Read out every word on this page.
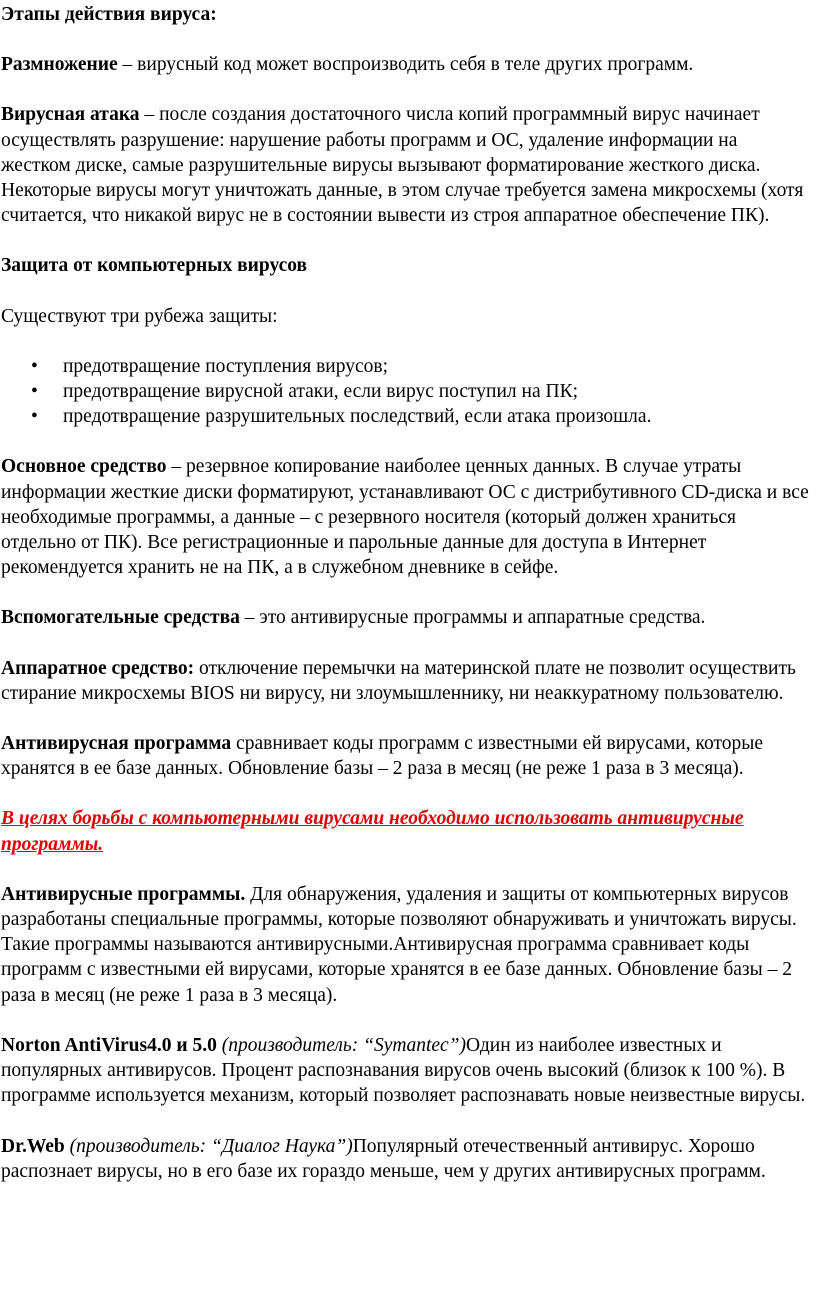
Этапы действия вируса:

Размножение – вирусный код может воспроизводить себя в теле других программ.

Вирусная атака – после создания достаточного числа копий программный вирус начинает осуществлять разрушение: нарушение работы программ и ОС, удаление информации на жестком диске, самые разрушительные вирусы вызывают форматирование жесткого диска. Некоторые вирусы могут уничтожать данные, в этом случае требуется замена микросхемы (хотя считается, что никакой вирус не в состоянии вывести из строя аппаратное обеспечение ПК).

Защита от компьютерных вирусов

Существуют три рубежа защиты:

• предотвращение поступления вирусов;
• предотвращение вирусной атаки, если вирус поступил на ПК;
• предотвращение разрушительных последствий, если атака произошла.

Основное средство – резервное копирование наиболее ценных данных. В случае утраты информации жесткие диски форматируют, устанавливают ОС с дистрибутивного CD-диска и все необходимые программы, а данные – с резервного носителя (который должен храниться отдельно от ПК). Все регистрационные и парольные данные для доступа в Интернет рекомендуется хранить не на ПК, а в служебном дневнике в сейфе.

Вспомогательные средства – это антивирусные программы и аппаратные средства.

Аппаратное средство: отключение перемычки на материнской плате не позволит осуществить стирание микросхемы BIOS ни вирусу, ни злоумышленнику, ни неаккуратному пользователю.

Антивирусная программа сравнивает коды программ с известными ей вирусами, которые хранятся в ее базе данных. Обновление базы – 2 раза в месяц (не реже 1 раза в 3 месяца).

В целях борьбы с компьютерными вирусами необходимо использовать антивирусные программы.

Антивирусные программы. Для обнаружения, удаления и защиты от компьютерных вирусов разработаны специальные программы, которые позволяют обнаруживать и уничтожать вирусы. Такие программы называются антивирусными.Антивирусная программа сравнивает коды программ с известными ей вирусами, которые хранятся в ее базе данных. Обновление базы – 2 раза в месяц (не реже 1 раза в 3 месяца).

Norton AntiVirus4.0 и 5.0 (производитель: “Symantec”)Один из наиболее известных и популярных антивирусов. Процент распознавания вирусов очень высокий (близок к 100 %). В программе используется механизм, который позволяет распознавать новые неизвестные вирусы.

Dr.Web (производитель: “Диалог Наука”)Популярный отечественный антивирус. Хорошо распознает вирусы, но в его базе их гораздо меньше, чем у других антивирусных программ.
